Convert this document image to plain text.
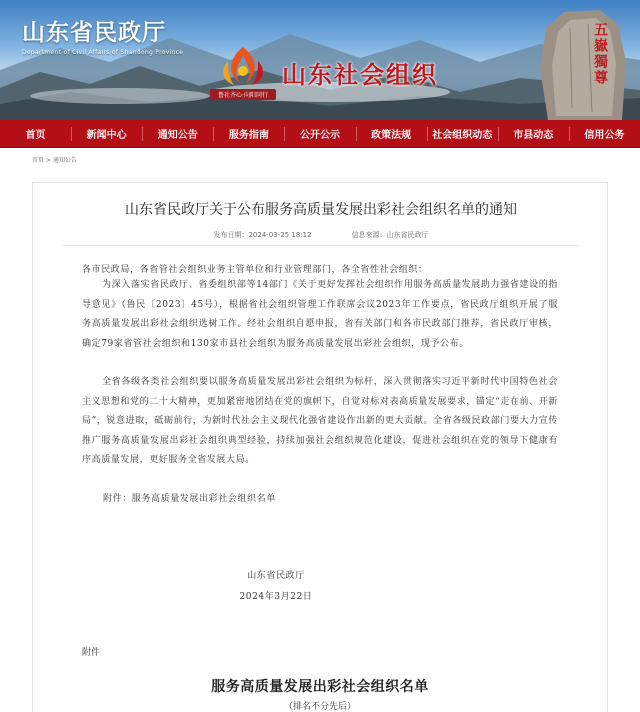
山东省民政厅
Department of Civil Affairs of Shandong Province
鲁社齐心·向阳同行
山东社会组织	五嶽獨尊
首页	新闻中心	通知公告	服务指南	公开公示	政策法规	社会组织动态	市县动态	信用公务
首页 > 通知公告
山东省民政厅关于公布服务高质量发展出彩社会组织名单的通知
发布日期：2024-03-25 18:12	信息来源：山东省民政厅
各市民政局，各省管社会组织业务主管单位和行业管理部门，各全省性社会组织：

为深入落实省民政厅、省委组织部等14部门《关于更好发挥社会组织作用服务高质量发展助力强省建设的指导意见》（鲁民〔2023〕45号），根据省社会组织管理工作联席会议2023年工作要点，省民政厅组织开展了服务高质量发展出彩社会组织选树工作。经社会组织自愿申报，省有关部门和各市民政部门推荐，省民政厅审核，确定79家省管社会组织和130家市县社会组织为服务高质量发展出彩社会组织，现予公布。

全省各级各类社会组织要以服务高质量发展出彩社会组织为标杆，深入贯彻落实习近平新时代中国特色社会主义思想和党的二十大精神，更加紧密地团结在党的旗帜下，自觉对标对表高质量发展要求，锚定“走在前、开新局”，锐意进取，砥砺前行，为新时代社会主义现代化强省建设作出新的更大贡献。全省各级民政部门要大力宣传推广服务高质量发展出彩社会组织典型经验，持续加强社会组织规范化建设，促进社会组织在党的领导下健康有序高质量发展，更好服务全省发展大局。

附件：服务高质量发展出彩社会组织名单
山东省民政厅
2024年3月22日
附件
服务高质量发展出彩社会组织名单
（排名不分先后）
